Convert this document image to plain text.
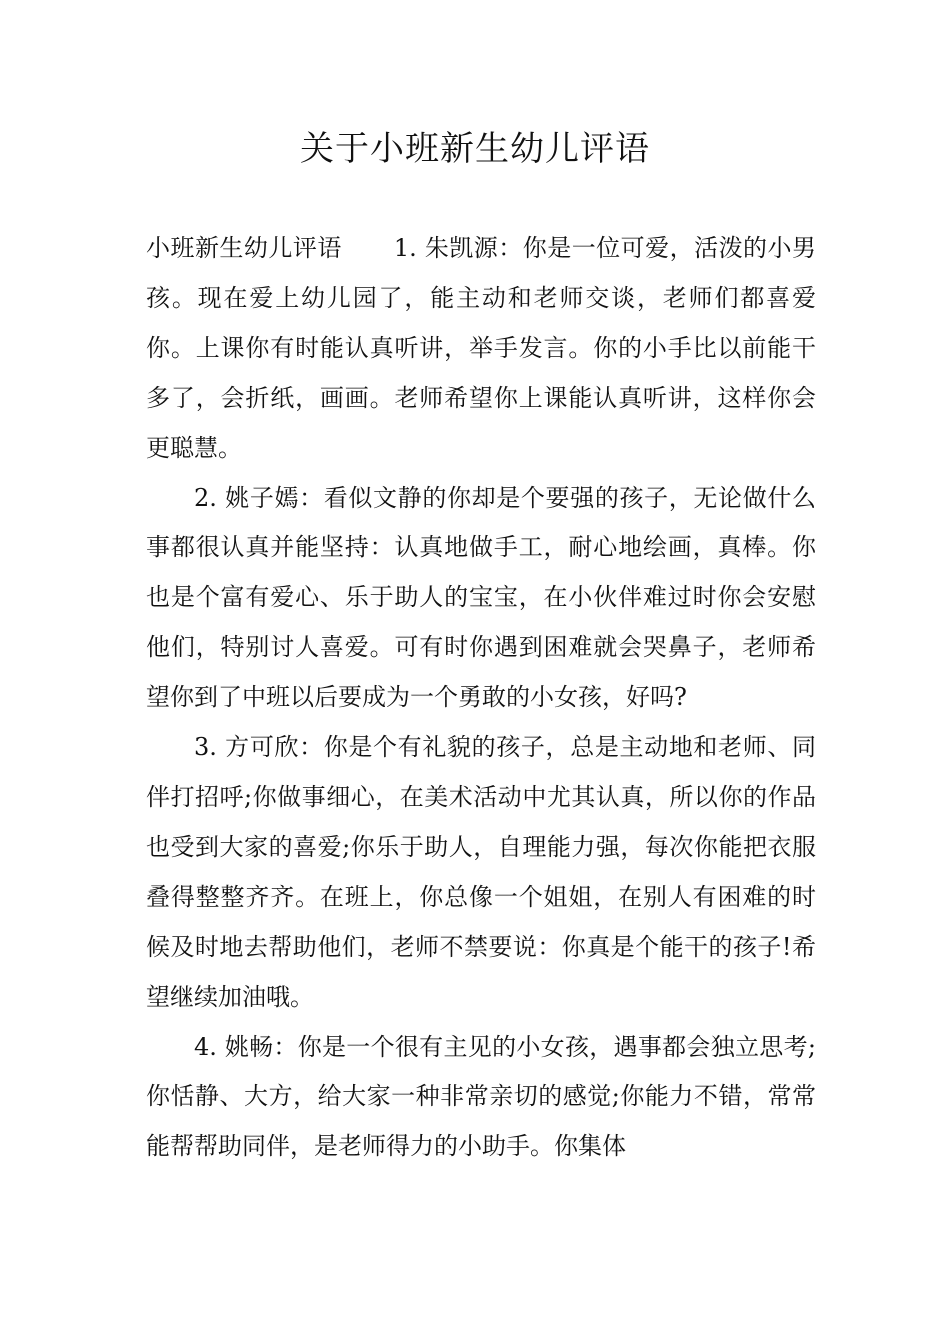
关于小班新生幼儿评语

小班新生幼儿评语 1. 朱凯源：你是一位可爱，活泼的小男孩。现在爱上幼儿园了，能主动和老师交谈，老师们都喜爱你。上课你有时能认真听讲，举手发言。你的小手比以前能干多了，会折纸，画画。老师希望你上课能认真听讲，这样你会更聪慧。

2. 姚子嫣：看似文静的你却是个要强的孩子，无论做什么事都很认真并能坚持：认真地做手工，耐心地绘画，真棒。你也是个富有爱心、乐于助人的宝宝，在小伙伴难过时你会安慰他们，特别讨人喜爱。可有时你遇到困难就会哭鼻子，老师希望你到了中班以后要成为一个勇敢的小女孩，好吗?

3. 方可欣：你是个有礼貌的孩子，总是主动地和老师、同伴打招呼;你做事细心，在美术活动中尤其认真，所以你的作品也受到大家的喜爱;你乐于助人，自理能力强，每次你能把衣服叠得整整齐齐。在班上，你总像一个姐姐，在别人有困难的时候及时地去帮助他们，老师不禁要说：你真是个能干的孩子!希望继续加油哦。

4. 姚畅：你是一个很有主见的小女孩，遇事都会独立思考;你恬静、大方，给大家一种非常亲切的感觉;你能力不错，常常能帮帮助同伴，是老师得力的小助手。你集体
